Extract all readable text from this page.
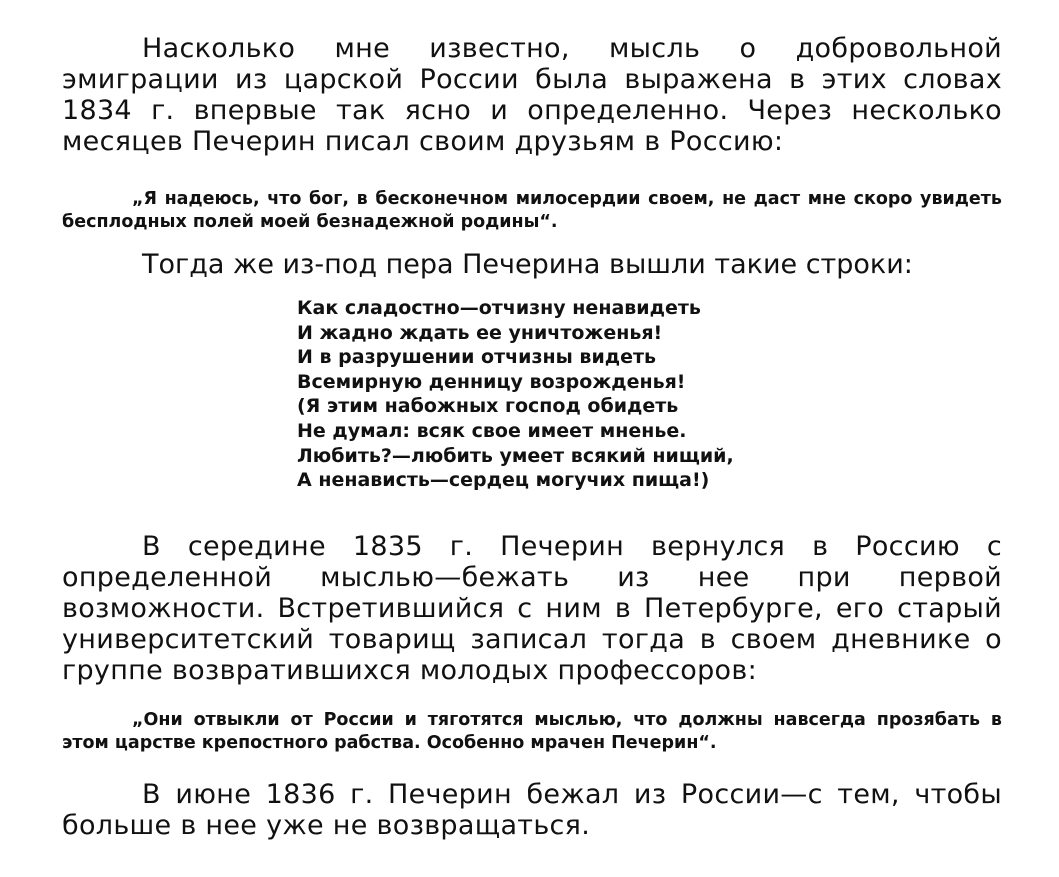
Насколько мне известно, мысль о добровольной эмиграции из царской России была выражена в этих словах 1834 г. впервые так ясно и определенно. Через несколько месяцев Печерин писал своим друзьям в Россию:

„Я надеюсь, что бог, в бесконечном милосердии своем, не даст мне скоро увидеть бесплодных полей моей безнадежной родины“.

Тогда же из-под пера Печерина вышли такие строки:

Как сладостно—отчизну ненавидеть
И жадно ждать ее уничтоженья!
И в разрушении отчизны видеть
Всемирную денницу возрожденья!
(Я этим набожных господ обидеть
Не думал: всяк свое имеет мненье.
Любить?—любить умеет всякий нищий,
А ненависть—сердец могучих пища!)

В середине 1835 г. Печерин вернулся в Россию с определенной мыслью—бежать из нее при первой возможности. Встретившийся с ним в Петербурге, его старый университетский товарищ записал тогда в своем дневнике о группе возвратившихся молодых профессоров:

„Они отвыкли от России и тяготятся мыслью, что должны навсегда прозябать в этом царстве крепостного рабства. Особенно мрачен Печерин“.

В июне 1836 г. Печерин бежал из России—с тем, чтобы больше в нее уже не возвращаться.
